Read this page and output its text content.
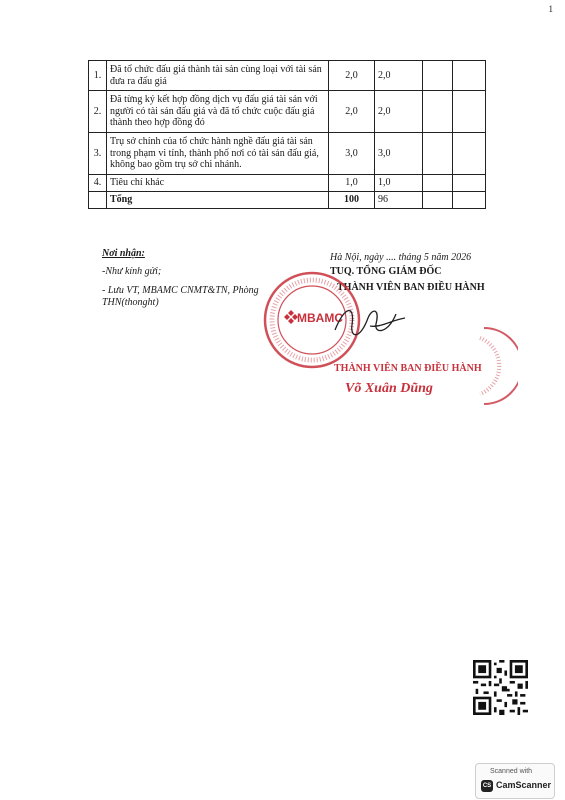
1
1.	Đã tổ chức đấu giá thành tài sản cùng loại với tài sản đưa ra đấu giá	2,0	2,0		
2.	Đã từng ký kết hợp đồng dịch vụ đấu giá tài sản với người có tài sản đấu giá và đã tổ chức cuộc đấu giá thành theo hợp đồng đó	2,0	2,0		
3.	Trụ sở chính của tổ chức hành nghề đấu giá tài sản trong phạm vi tỉnh, thành phố nơi có tài sản đấu giá, không bao gồm trụ sở chi nhánh.	3,0	3,0		
4.	Tiêu chí khác	1,0	1,0		
	Tổng	100	96		
Nơi nhận:
-Như kính gửi;
- Lưu VT, MBAMC CNMT&TN, Phòng THN(thonght)
Hà Nội, ngày .... tháng 5 năm 2026
TUQ. TỔNG GIÁM ĐỐC
THÀNH VIÊN BAN ĐIỀU HÀNH
MBAMC
THÀNH VIÊN BAN ĐIỀU HÀNH
Võ Xuân Dũng
Scanned with
CS CamScanner
